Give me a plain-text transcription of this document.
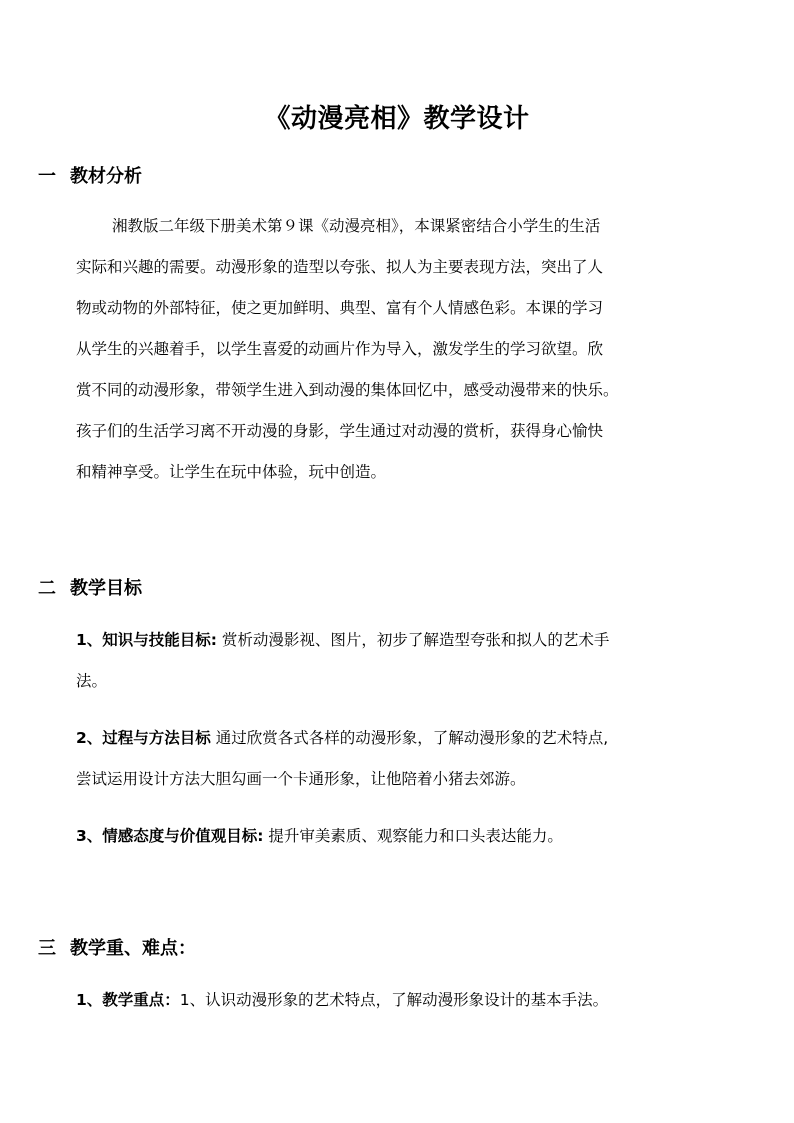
《动漫亮相》教学设计
一 教材分析
湘教版二年级下册美术第９课《动漫亮相》，本课紧密结合小学生的生活
实际和兴趣的需要。动漫形象的造型以夸张、拟人为主要表现方法，突出了人
物或动物的外部特征，使之更加鲜明、典型、富有个人情感色彩。本课的学习
从学生的兴趣着手，以学生喜爱的动画片作为导入，激发学生的学习欲望。欣
赏不同的动漫形象，带领学生进入到动漫的集体回忆中，感受动漫带来的快乐。
孩子们的生活学习离不开动漫的身影，学生通过对动漫的赏析，获得身心愉快
和精神享受。让学生在玩中体验，玩中创造。
二 教学目标
1、知识与技能目标: 赏析动漫影视、图片，初步了解造型夸张和拟人的艺术手
法。
2、过程与方法目标 通过欣赏各式各样的动漫形象，了解动漫形象的艺术特点,
尝试运用设计方法大胆勾画一个卡通形象，让他陪着小猪去郊游。
3、情感态度与价值观目标: 提升审美素质、观察能力和口头表达能力。
三 教学重、难点：
1、教学重点：1、认识动漫形象的艺术特点，了解动漫形象设计的基本手法。
